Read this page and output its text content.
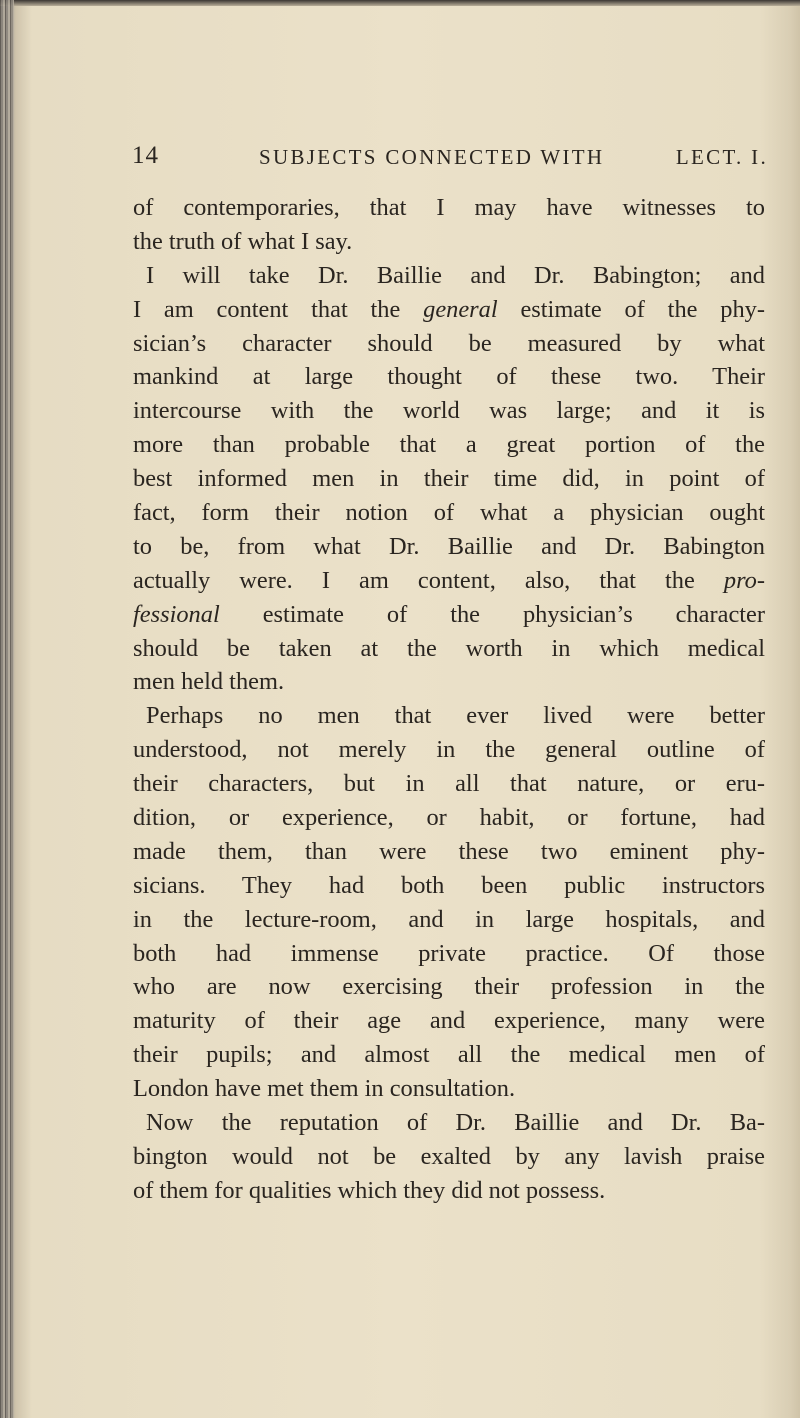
14	SUBJECTS CONNECTED WITH	LECT. I.
of contemporaries, that I may have witnesses to
the truth of what I say.
I will take Dr. Baillie and Dr. Babington; and
I am content that the general estimate of the phy-
sician’s character should be measured by what
mankind at large thought of these two. Their
intercourse with the world was large; and it is
more than probable that a great portion of the
best informed men in their time did, in point of
fact, form their notion of what a physician ought
to be, from what Dr. Baillie and Dr. Babington
actually were. I am content, also, that the pro-
fessional estimate of the physician’s character
should be taken at the worth in which medical
men held them.
Perhaps no men that ever lived were better
understood, not merely in the general outline of
their characters, but in all that nature, or eru-
dition, or experience, or habit, or fortune, had
made them, than were these two eminent phy-
sicians. They had both been public instructors
in the lecture-room, and in large hospitals, and
both had immense private practice. Of those
who are now exercising their profession in the
maturity of their age and experience, many were
their pupils; and almost all the medical men of
London have met them in consultation.
Now the reputation of Dr. Baillie and Dr. Ba-
bington would not be exalted by any lavish praise
of them for qualities which they did not possess.
